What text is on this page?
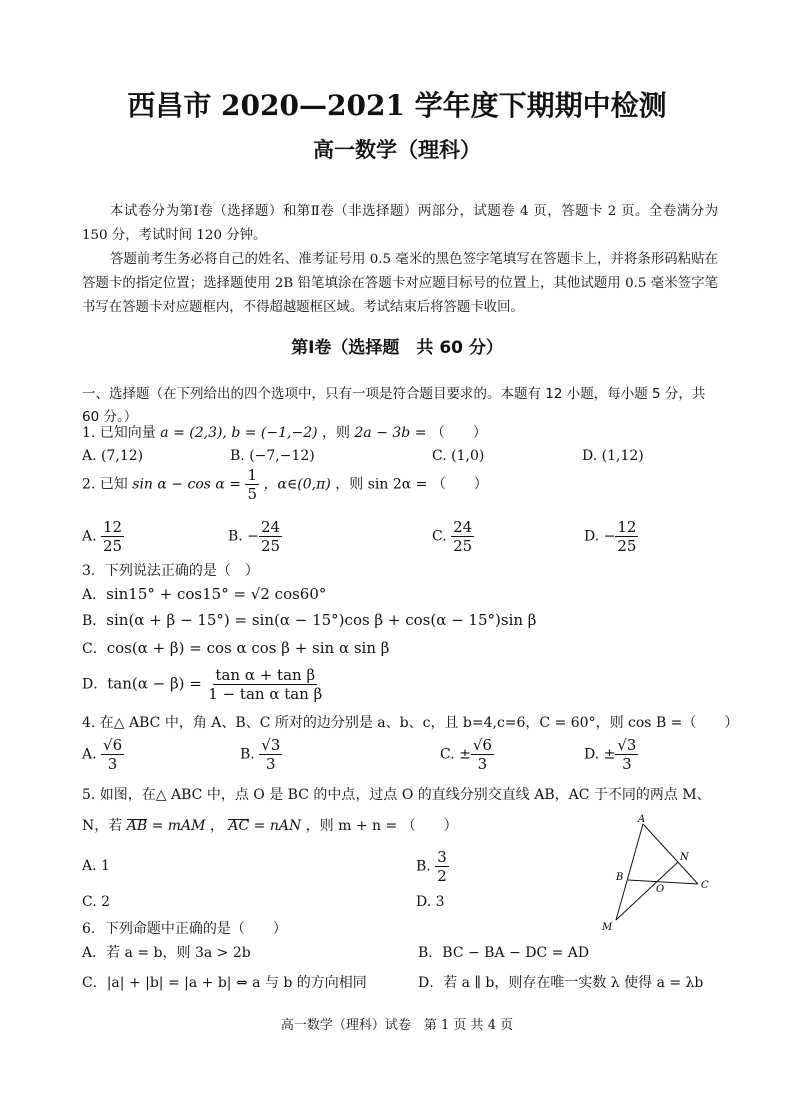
西昌市 2020—2021 学年度下期期中检测
高一数学（理科）
本试卷分为第Ⅰ卷（选择题）和第Ⅱ卷（非选择题）两部分，试题卷 4 页，答题卡 2 页。全卷满分为 150 分，考试时间 120 分钟。
答题前考生务必将自己的姓名、准考证号用 0.5 毫米的黑色签字笔填写在答题卡上，并将条形码粘贴在答题卡的指定位置；选择题使用 2B 铅笔填涂在答题卡对应题目标号的位置上，其他试题用 0.5 毫米签字笔书写在答题卡对应题框内，不得超越题框区域。考试结束后将答题卡收回。
第Ⅰ卷（选择题　共 60 分）
一、选择题（在下列给出的四个选项中，只有一项是符合题目要求的。本题有 12 小题，每小题 5 分，共 60 分。）
1. 已知向量 a = (2,3), b = (−1,−2) ，则 2a − 3b = （　　）
A. (7,12)	B. (−7,−12)	C. (1,0)	D. (1,12)
2. 已知 $\sin \alpha - \cos \alpha = \frac{1}{5}$ ，α∈(0,π) ，则 sin 2α = （　　）
A. $\frac{12}{25}$	B. − $\frac{24}{25}$	C. $\frac{24}{25}$	D. − $\frac{12}{25}$
3．下列说法正确的是（　）
A．sin15° + cos15° = √2 cos60°
B．sin(α + β − 15°) = sin(α − 15°)cos β + cos(α − 15°)sin β
C．cos(α + β) = cos α cos β + sin α sin β
D．$\tan(\alpha - \beta) = \frac{\text{tan α + tan β}}{\text{1 − tan α tan β}}$
4. 在△ ABC 中，角 A、B、C 所对的边分别是 a、b、c，且 b=4,c=6，C = 60°，则 cos B =（　　）
A. $\frac{√6}{3}$	B. $\frac{√3}{3}$	C. ± $\frac{√6}{3}$	D. ± $\frac{√3}{3}$
5. 如图，在△ ABC 中，点 O 是 BC 的中点，过点 O 的直线分别交直线 AB，AC 于不同的两点 M、
N，若 AB = mAM ， AC = nAN ，则 m + n = （　　）
A. 1	B. $\frac{3}{2}$
C. 2	D. 3
A
B
C
N
O
M
6．下列命题中正确的是（　　）
A．若 a = b，则 3a > 2b	B．BC − BA − DC = AD
C．|a| + |b| = |a + b| ⇔ a 与 b 的方向相同	D．若 a ∥ b，则存在唯一实数 λ 使得 a = λb
高一数学（理科）试卷　第 1 页 共 4 页
